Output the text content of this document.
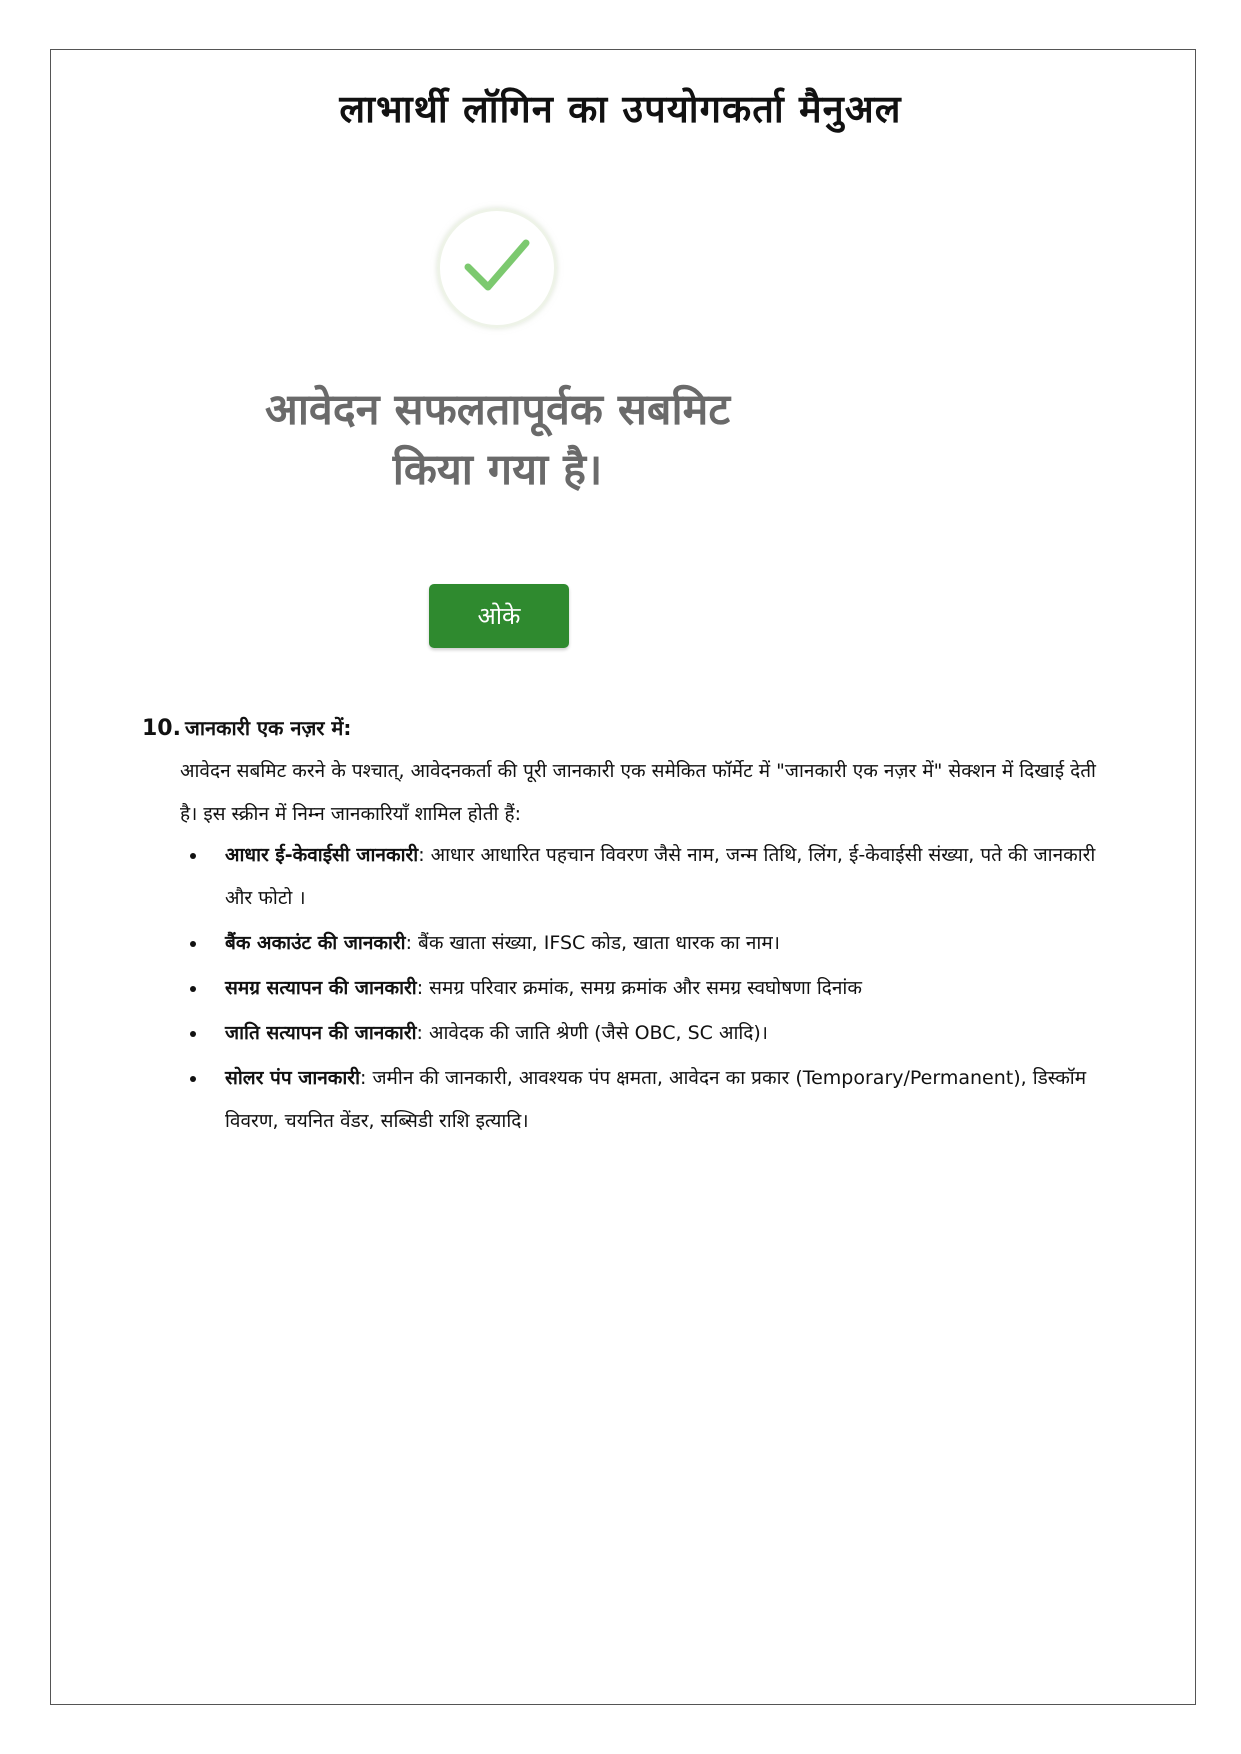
लाभार्थी लॉगिन का उपयोगकर्ता मैनुअल
आवेदन सफलतापूर्वक सबमिट
किया गया है।
ओके
10. जानकारी एक नज़र में:
आवेदन सबमिट करने के पश्चात्, आवेदनकर्ता की पूरी जानकारी एक समेकित फॉर्मेट में "जानकारी एक नज़र में" सेक्शन में दिखाई देती है। इस स्क्रीन में निम्न जानकारियाँ शामिल होती हैं:
आधार ई-केवाईसी जानकारी: आधार आधारित पहचान विवरण जैसे नाम, जन्म तिथि, लिंग, ई-केवाईसी संख्या, पते की जानकारी और फोटो ।
बैंक अकाउंट की जानकारी: बैंक खाता संख्या, IFSC कोड, खाता धारक का नाम।
समग्र सत्यापन की जानकारी: समग्र परिवार क्रमांक, समग्र क्रमांक और समग्र स्वघोषणा दिनांक
जाति सत्यापन की जानकारी: आवेदक की जाति श्रेणी (जैसे OBC, SC आदि)।
सोलर पंप जानकारी: जमीन की जानकारी, आवश्यक पंप क्षमता, आवेदन का प्रकार (Temporary/Permanent), डिस्कॉम विवरण, चयनित वेंडर, सब्सिडी राशि इत्यादि।
